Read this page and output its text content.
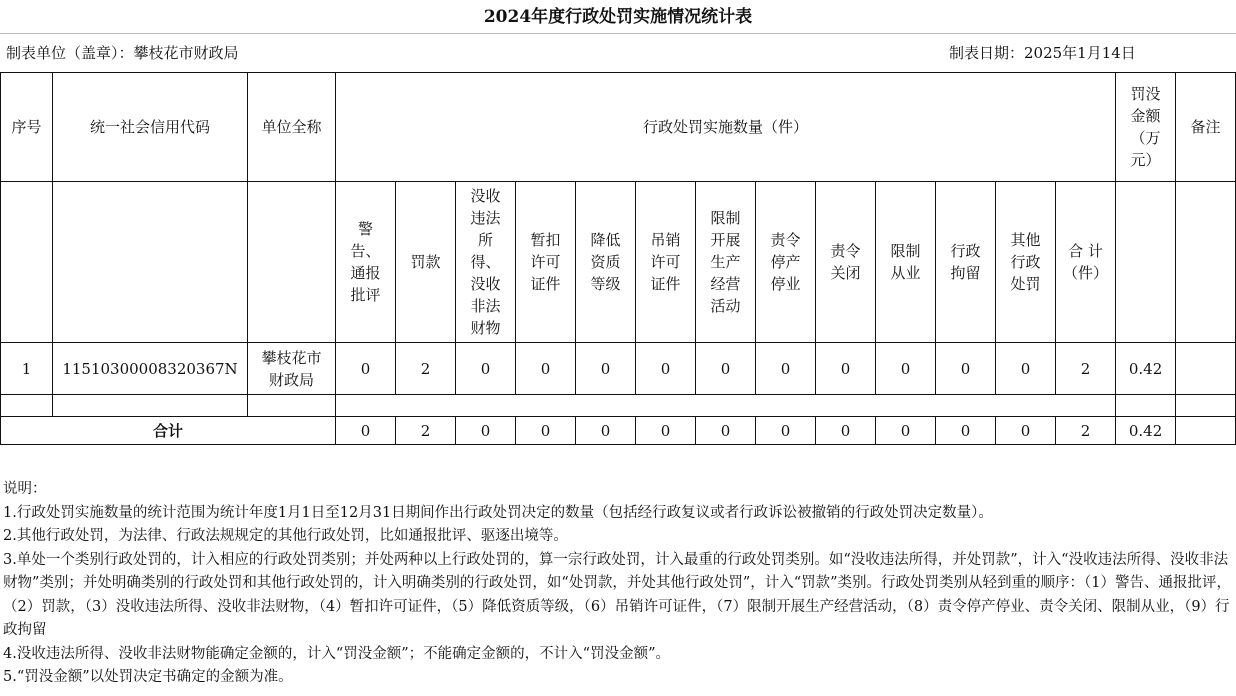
2024年度行政处罚实施情况统计表
制表单位（盖章）：攀枝花市财政局	制表日期：2025年1月14日
序号	统一社会信用代码	单位全称	行政处罚实施数量（件）													罚没金额（万元）	备注
			警告、通报批评	罚款	没收违法所得、没收非法财物	暂扣许可证件	降低资质等级	吊销许可证件	限制开展生产经营活动	责令停产停业	责令关闭	限制从业	行政拘留	其他行政处罚	合 计（件）		
1	11510300008320367N	攀枝花市财政局	0	2	0	0	0	0	0	0	0	0	0	0	2	0.42	

合计			0	2	0	0	0	0	0	0	0	0	0	0	2	0.42	

说明：

1.行政处罚实施数量的统计范围为统计年度1月1日至12月31日期间作出行政处罚决定的数量（包括经行政复议或者行政诉讼被撤销的行政处罚决定数量）。

2.其他行政处罚，为法律、行政法规规定的其他行政处罚，比如通报批评、驱逐出境等。

3.单处一个类别行政处罚的，计入相应的行政处罚类别；并处两种以上行政处罚的，算一宗行政处罚，计入最重的行政处罚类别。如“没收违法所得，并处罚款”，计入“没收违法所得、没收非法财物”类别；并处明确类别的行政处罚和其他行政处罚的，计入明确类别的行政处罚，如“处罚款，并处其他行政处罚”，计入“罚款”类别。行政处罚类别从轻到重的顺序：（1）警告、通报批评，（2）罚款，（3）没收违法所得、没收非法财物，（4）暂扣许可证件，（5）降低资质等级，（6）吊销许可证件，（7）限制开展生产经营活动，（8）责令停产停业、责令关闭、限制从业，（9）行政拘留

4.没收违法所得、没收非法财物能确定金额的，计入“罚没金额”；不能确定金额的，不计入“罚没金额”。

5.“罚没金额”以处罚决定书确定的金额为准。
